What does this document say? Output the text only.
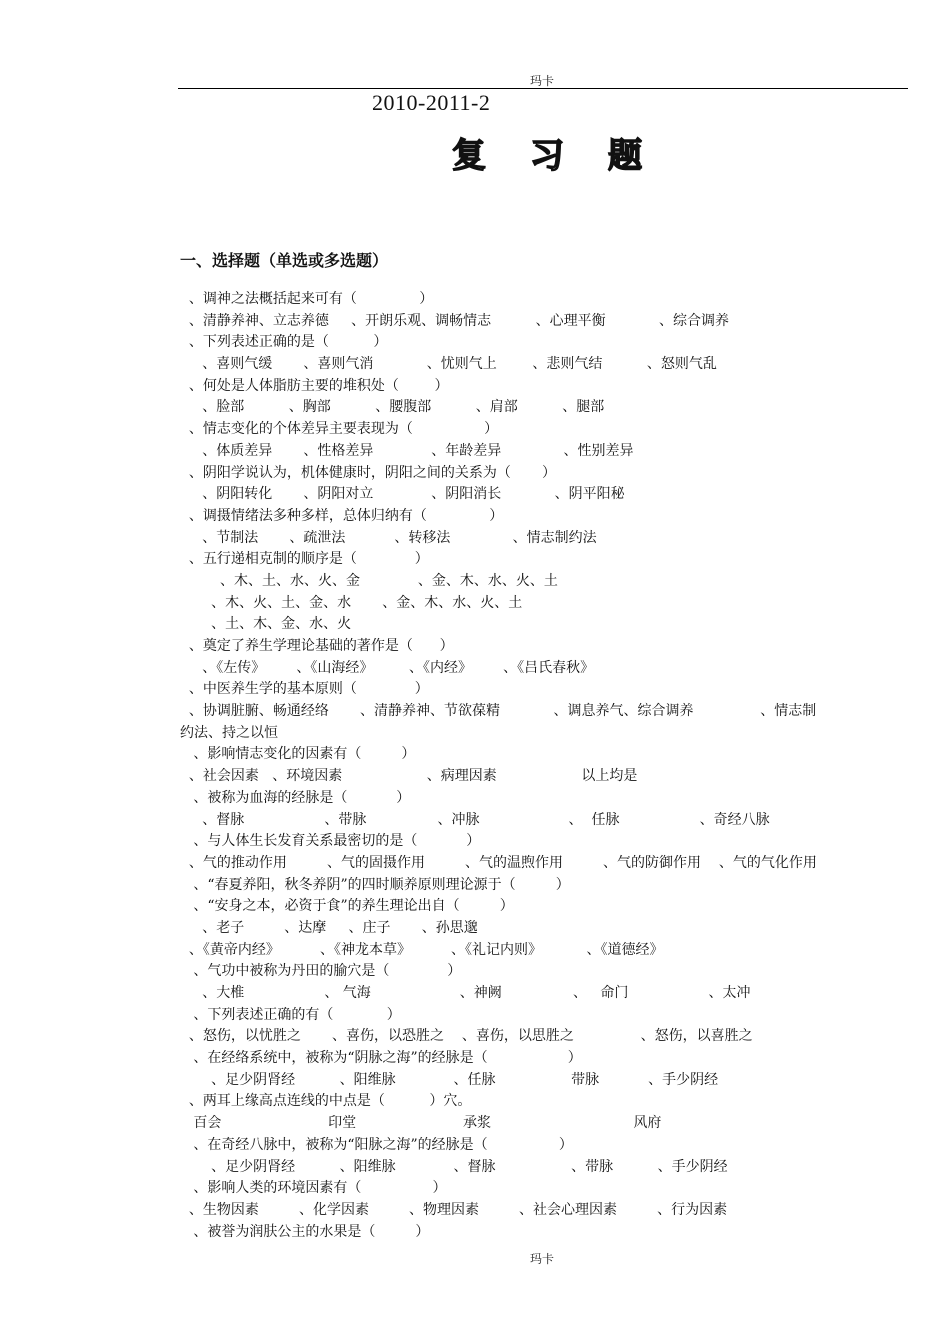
玛卡
2010-2011-2
复习题
一、选择题（单选或多选题）
、调神之法概括起来可有（              ）
、清静养神、立志养德     、开朗乐观、调畅情志          、心理平衡            、综合调养
、下列表述正确的是（          ）
、喜则气缓       、喜则气消            、忧则气上        、悲则气结          、怒则气乱
、何处是人体脂肪主要的堆积处（        ）
、脸部          、胸部          、腰腹部          、肩部          、腿部
、情志变化的个体差异主要表现为（                ）
、体质差异       、性格差异             、年龄差异              、性别差异
、阴阳学说认为，机体健康时，阴阳之间的关系为（       ）
、阴阳转化       、阴阳对立             、阴阳消长            、阴平阳秘
、调摄情绪法多种多样，总体归纳有（              ）
、节制法       、疏泄法           、转移法              、情志制约法
、五行递相克制的顺序是（             ）
、木、土、水、火、金             、金、木、水、火、土
、木、火、土、金、水       、金、木、水、火、土
、土、木、金、水、火
、奠定了养生学理论基础的著作是（      ）
、《左传》       、《山海经》        、《内经》       、《吕氏春秋》
、中医养生学的基本原则（             ）
、协调脏腑、畅通经络       、清静养神、节欲葆精            、调息养气、综合调养               、情志制
约法、持之以恒
、影响情志变化的因素有（         ）
、社会因素   、环境因素                   、病理因素                   以上均是
、被称为血海的经脉是（           ）
、督脉                  、带脉                、冲脉                    、  任脉                  、奇经八脉
、与人体生长发育关系最密切的是（           ）
、气的推动作用         、气的固摄作用         、气的温煦作用         、气的防御作用    、气的气化作用
、“春夏养阳，秋冬养阴”的四时顺养原则理论源于（         ）
、“安身之本，必资于食”的养生理论出自（         ）
、老子         、达摩     、庄子       、孙思邈
、《黄帝内经》         、《神龙本草》         、《礼记内则》          、《道德经》
、气功中被称为丹田的腧穴是（             ）
、大椎                  、 气海                    、神阙                、   命门                  、太冲
、下列表述正确的有（            ）
、怒伤，以忧胜之       、喜伤，以恐胜之    、喜伤，以思胜之               、怒伤，以喜胜之
、在经络系统中，被称为“阴脉之海”的经脉是（                  ）
、足少阴肾经          、阳维脉             、任脉                 带脉           、手少阴经
、两耳上缘高点连线的中点是（          ）穴。
百会                        印堂                        承浆                                风府
、在奇经八脉中，被称为“阳脉之海”的经脉是（                ）
、足少阴肾经          、阳维脉             、督脉                 、带脉          、手少阴经
、影响人类的环境因素有（                ）
、生物因素         、化学因素         、物理因素         、社会心理因素         、行为因素
、被誉为润肤公主的水果是（         ）
玛卡
